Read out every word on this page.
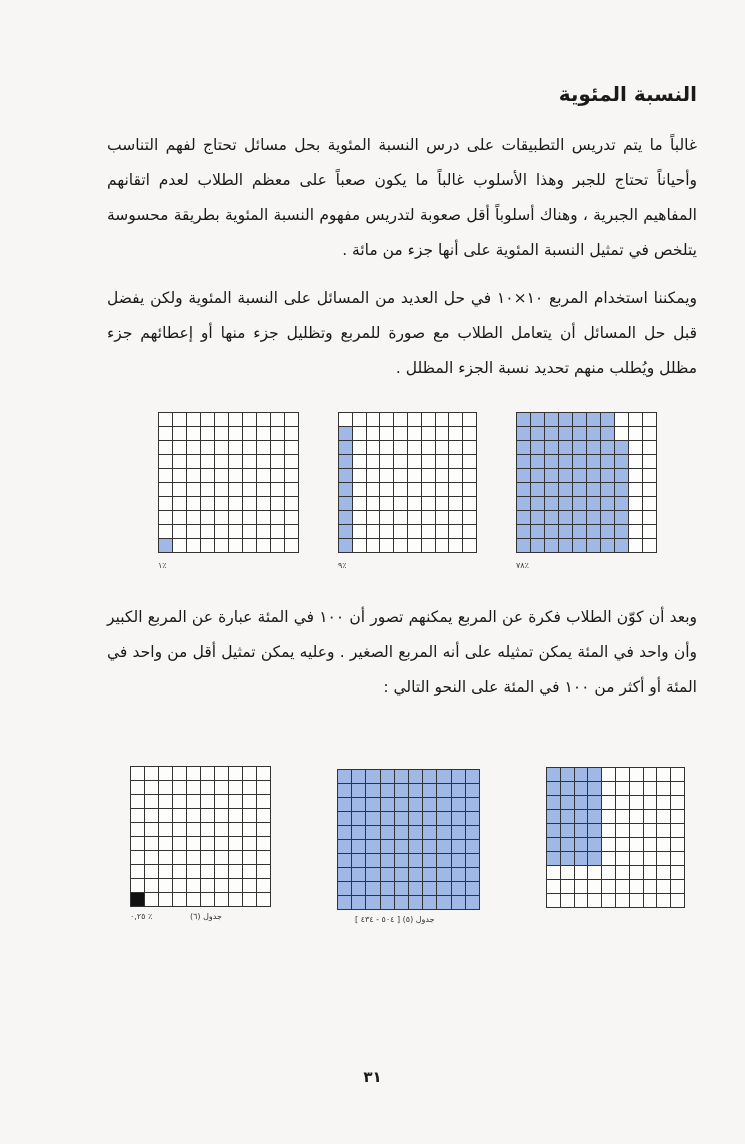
النسبة المئوية
غالباً ما يتم تدريس التطبيقات على درس النسبة المئوية بحل مسائل تحتاج لفهم التناسب وأحياناً تحتاج للجبر وهذا الأسلوب غالباً ما يكون صعباً على معظم الطلاب لعدم اتقانهم المفاهيم الجبرية ، وهناك أسلوباً أقل صعوبة لتدريس مفهوم النسبة المئوية بطريقة محسوسة يتلخص في تمثيل النسبة المئوية على أنها جزء من مائة .
ويمكننا استخدام المربع ١٠×١٠ في حل العديد من المسائل على النسبة المئوية ولكن يفضل قبل حل المسائل أن يتعامل الطلاب مع صورة للمربع وتظليل جزء منها أو إعطائهم جزء مظلل ويُطلب منهم تحديد نسبة الجزء المظلل .
٪١	٪٩	٪٧٨
وبعد أن كوّن الطلاب فكرة عن المربع يمكنهم تصور أن ١٠٠ في المئة عبارة عن المربع الكبير وأن واحد في المئة يمكن تمثيله على أنه المربع الصغير . وعليه يمكن تمثيل أقل من واحد في المئة أو أكثر من ١٠٠ في المئة على النحو التالي :
٪ ٠,٢٥	جدول (٦)	جدول (٥) [ ٥٠٤ - ٤٣٤ ]
٣١
